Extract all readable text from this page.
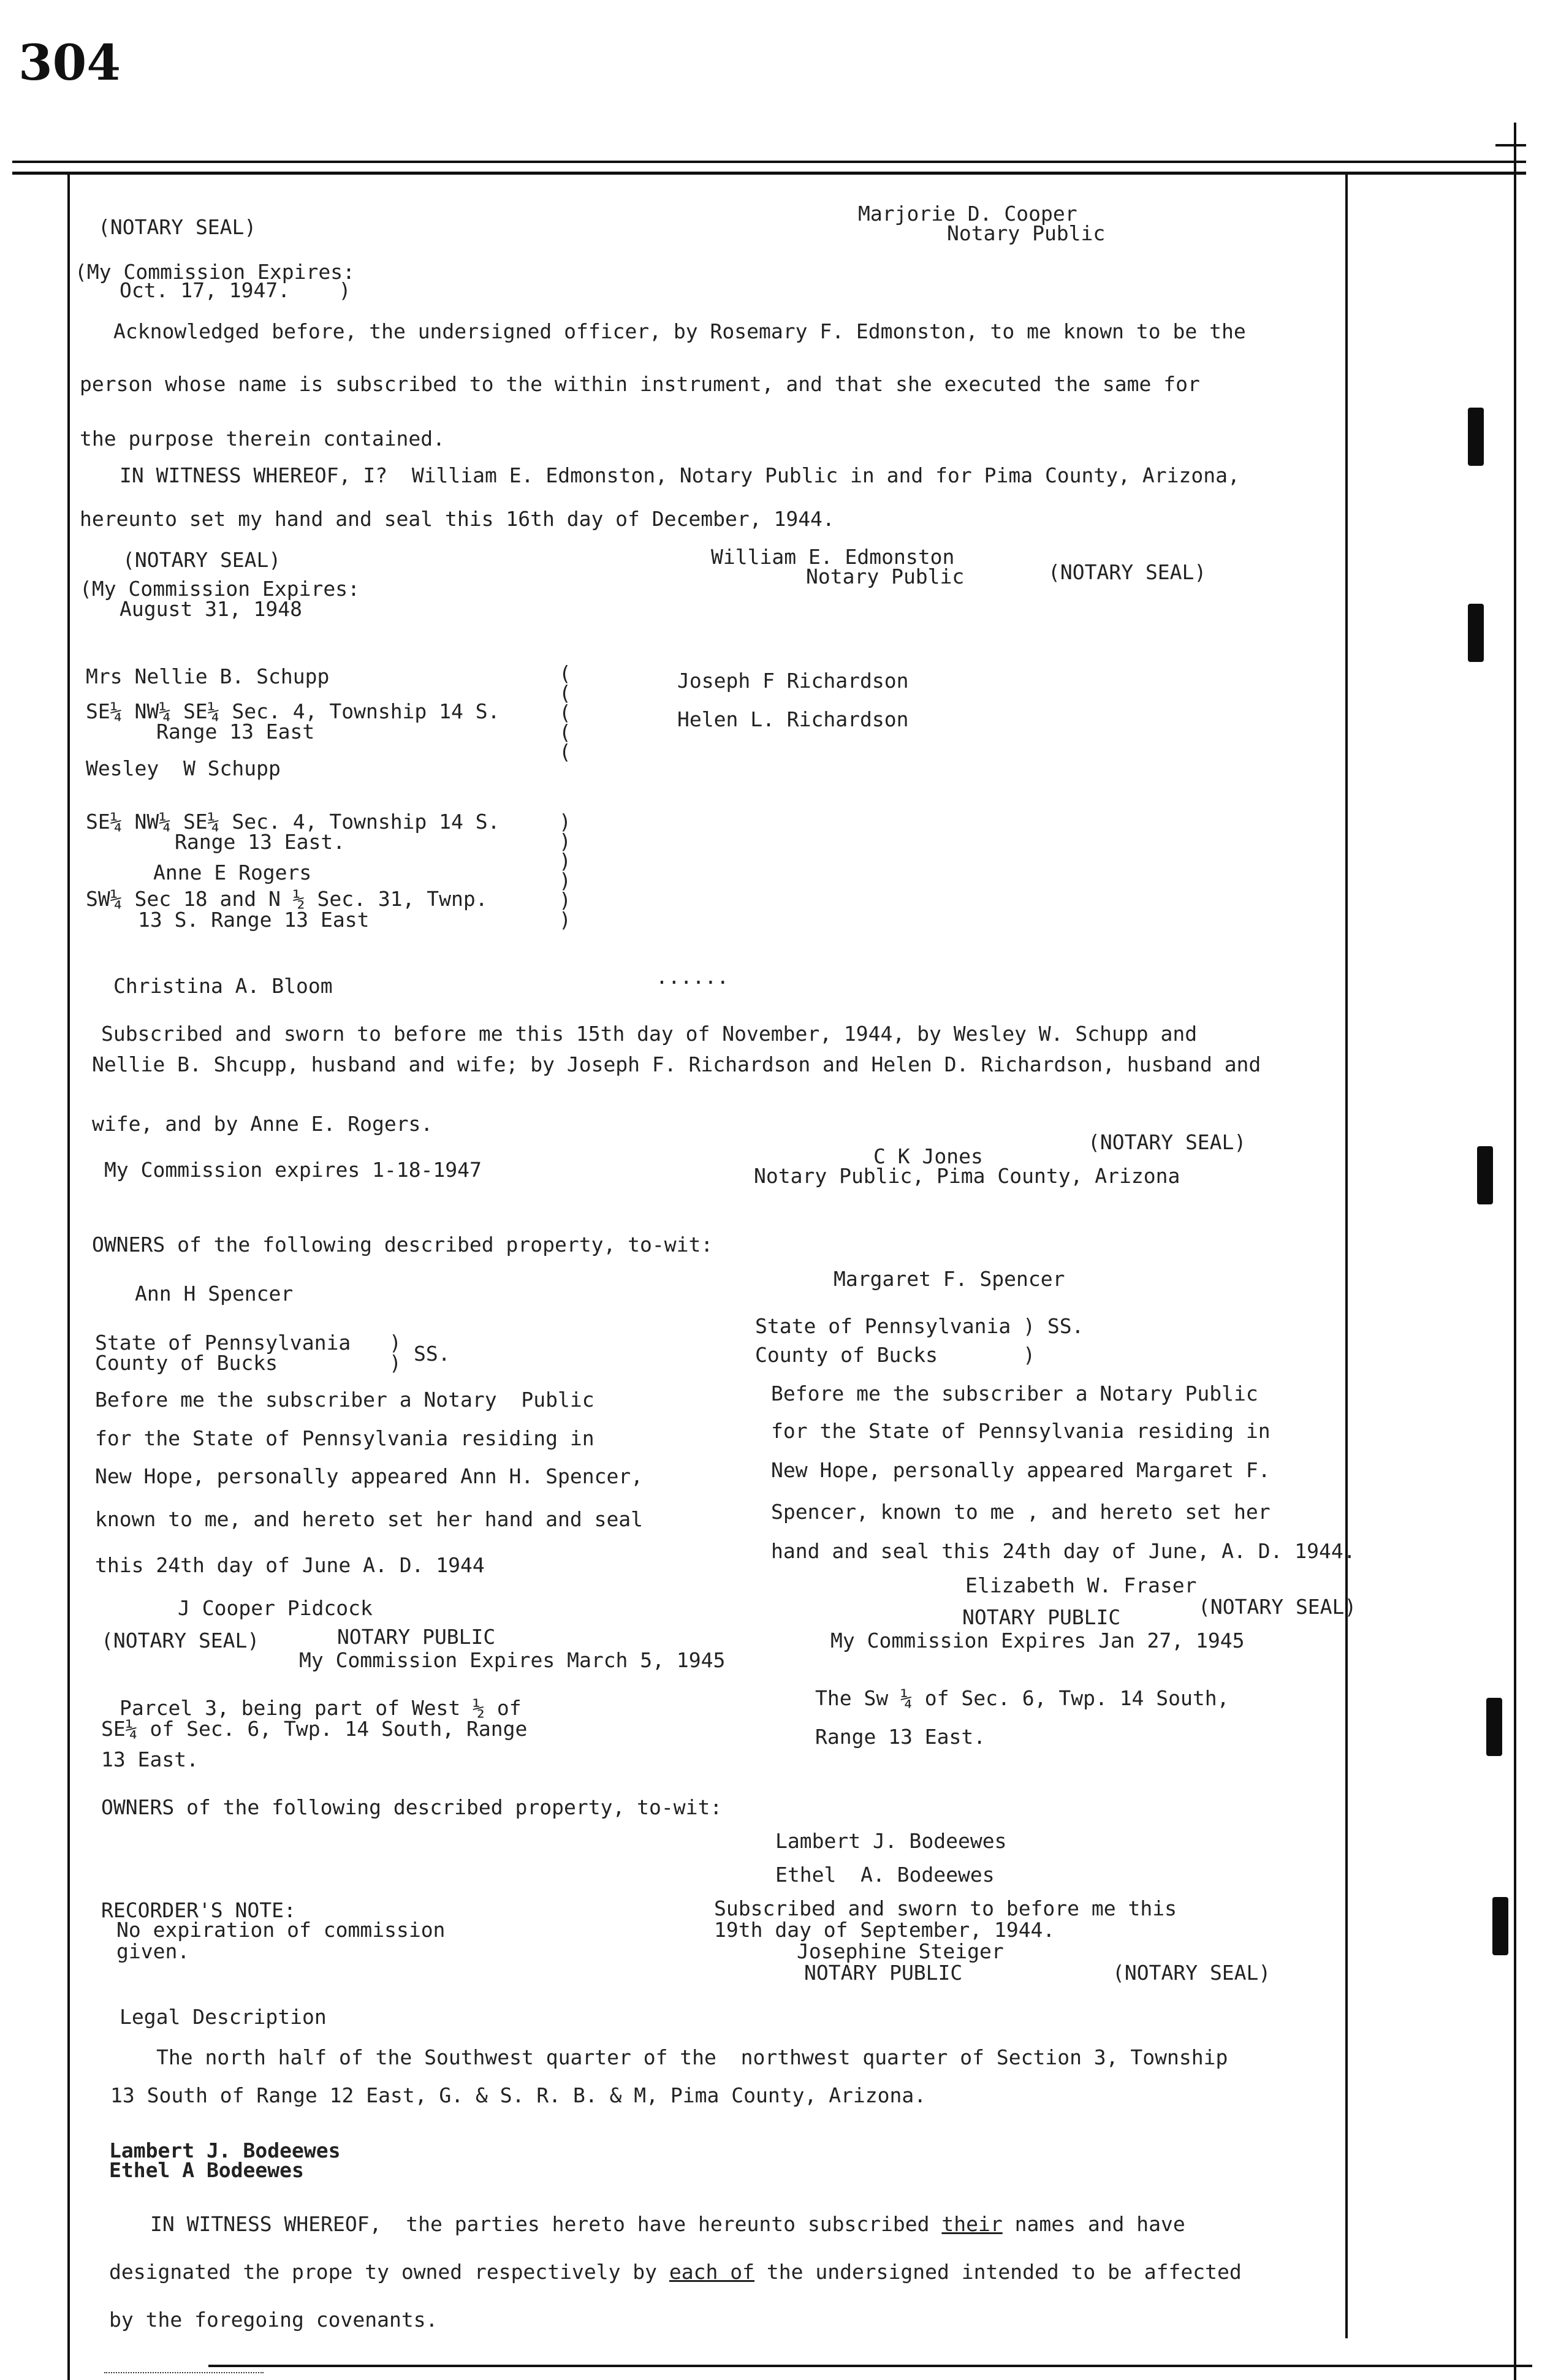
304
(NOTARY SEAL)
Marjorie D. Cooper
Notary Public
(My Commission Expires:
Oct. 17, 1947.    )
Acknowledged before, the undersigned officer, by Rosemary F. Edmonston, to me known to be the
person whose name is subscribed to the within instrument, and that she executed the same for
the purpose therein contained.
IN WITNESS WHEREOF, I?  William E. Edmonston, Notary Public in and for Pima County, Arizona,
hereunto set my hand and seal this 16th day of December, 1944.
(NOTARY SEAL)	William E. Edmonston
Notary Public	(NOTARY SEAL)
(My Commission Expires:
August 31, 1948
Mrs Nellie B. Schupp	Joseph F Richardson
SE¼ NW¼ SE¼ Sec. 4, Township 14 S.
Range 13 East
Helen L. Richardson
Wesley  W Schupp
(
(
(
(
(
SE¼ NW¼ SE¼ Sec. 4, Township 14 S.
Range 13 East.
Anne E Rogers
SW¼ Sec 18 and N ½ Sec. 31, Twnp.
13 S. Range 13 East
)
)
)
)
)
)
Christina A. Bloom	......
Subscribed and sworn to before me this 15th day of November, 1944, by Wesley W. Schupp and
Nellie B. Shcupp, husband and wife; by Joseph F. Richardson and Helen D. Richardson, husband and
wife, and by Anne E. Rogers.
C K Jones
(NOTARY SEAL)
My Commission expires 1-18-1947	Notary Public, Pima County, Arizona
OWNERS of the following described property, to-wit:
Margaret F. Spencer
Ann H Spencer
State of Pennsylvania
County of Bucks
)
) SS.
State of Pennsylvania ) SS.
County of Bucks       )
Before me the subscriber a Notary  Public	Before me the subscriber a Notary Public
for the State of Pennsylvania residing in	for the State of Pennsylvania residing in
New Hope, personally appeared Ann H. Spencer,	New Hope, personally appeared Margaret F.
known to me, and hereto set her hand and seal	Spencer, known to me , and hereto set her
this 24th day of June A. D. 1944
hand and seal this 24th day of June, A. D. 1944.
J Cooper Pidcock
Elizabeth W. Fraser
NOTARY PUBLIC	(NOTARY SEAL)
(NOTARY SEAL)	NOTARY PUBLIC	My Commission Expires Jan 27, 1945
My Commission Expires March 5, 1945
Parcel 3, being part of West ½ of	The Sw ¼ of Sec. 6, Twp. 14 South,
SE¼ of Sec. 6, Twp. 14 South, Range	Range 13 East.
13 East.
OWNERS of the following described property, to-wit:
Lambert J. Bodeewes
Ethel  A. Bodeewes
RECORDER'S NOTE:	Subscribed and sworn to before me this
No expiration of commission	19th day of September, 1944.
given.	Josephine Steiger
NOTARY PUBLIC	(NOTARY SEAL)
Legal Description
The north half of the Southwest quarter of the  northwest quarter of Section 3, Township
13 South of Range 12 East, G. & S. R. B. & M, Pima County, Arizona.
Lambert J. Bodeewes
Ethel A Bodeewes
IN WITNESS WHEREOF,  the parties hereto have hereunto subscribed their names and have
designated the prope ty owned respectively by each of the undersigned intended to be affected
by the foregoing covenants.
